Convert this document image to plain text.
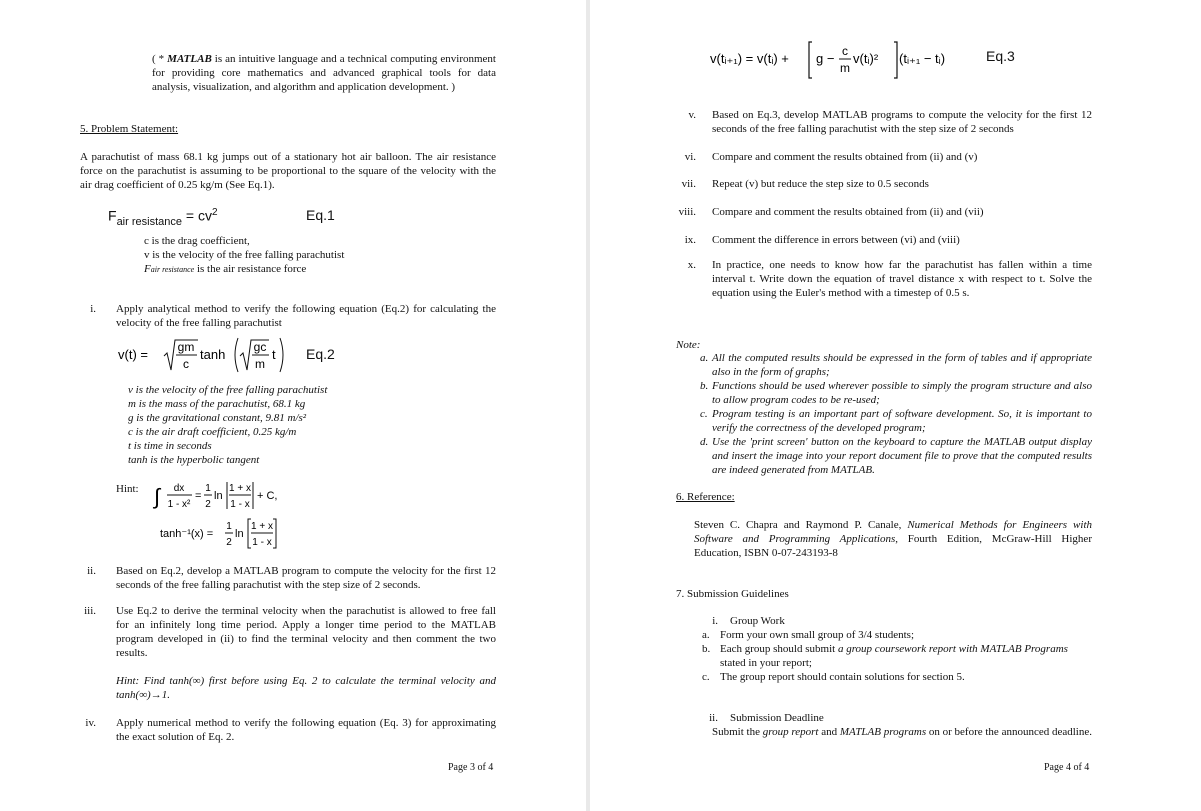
( * MATLAB is an intuitive language and a technical computing environment for providing core mathematics and advanced graphical tools for data analysis, visualization, and algorithm and application development. )
5. Problem Statement:
A parachutist of mass 68.1 kg jumps out of a stationary hot air balloon. The air resistance force on the parachutist is assuming to be proportional to the square of the velocity with the air drag coefficient of 0.25 kg/m (See Eq.1).
$F_{air resistance} = cv^2$	Eq.1
c is the drag coefficient,
v is the velocity of the free falling parachutist
Fair resistance is the air resistance force
i. Apply analytical method to verify the following equation (Eq.2) for calculating the velocity of the free falling parachutist
v(t) = gm
c
tanh gc
m
t Eq.2
v is the velocity of the free falling parachutist
m is the mass of the parachutist, 68.1 kg
g is the gravitational constant, 9.81 m/s²
c is the air draft coefficient, 0.25 kg/m
t is time in seconds
tanh is the hyperbolic tangent
Hint: ∫ dx
1 - x²
=
1
2
ln
1 + x
1 - x
+ C,
tanh⁻¹(x) =
1
2
ln
1 + x
1 - x
ii. Based on Eq.2, develop a MATLAB program to compute the velocity for the first 12 seconds of the free falling parachutist with the step size of 2 seconds.
iii. Use Eq.2 to derive the terminal velocity when the parachutist is allowed to free fall for an infinitely long time period. Apply a longer time period to the MATLAB program developed in (ii) to find the terminal velocity and then comment the two results.
Hint: Find tanh(∞) first before using Eq. 2 to calculate the terminal velocity and tanh(∞)→1.
iv. Apply numerical method to verify the following equation (Eq. 3) for approximating the exact solution of Eq. 2.
Page 3 of 4
v(tᵢ₊₁) = v(tᵢ) + g − c
m
v(tᵢ)² (tᵢ₊₁ − tᵢ)	Eq.3
v. Based on Eq.3, develop MATLAB programs to compute the velocity for the first 12 seconds of the free falling parachutist with the step size of 2 seconds
vi. Compare and comment the results obtained from (ii) and (v)
vii. Repeat (v) but reduce the step size to 0.5 seconds
viii. Compare and comment the results obtained from (ii) and (vii)
ix. Comment the difference in errors between (vi) and (viii)
x. In practice, one needs to know how far the parachutist has fallen within a time interval t. Write down the equation of travel distance x with respect to t. Solve the equation using the Euler's method with a timestep of 0.5 s.
Note:
a. All the computed results should be expressed in the form of tables and if appropriate also in the form of graphs;
b. Functions should be used wherever possible to simply the program structure and also to allow program codes to be re-used;
c. Program testing is an important part of software development. So, it is important to verify the correctness of the developed program;
d. Use the 'print screen' button on the keyboard to capture the MATLAB output display and insert the image into your report document file to prove that the computed results are indeed generated from MATLAB.
6. Reference:
Steven C. Chapra and Raymond P. Canale, Numerical Methods for Engineers with Software and Programming Applications, Fourth Edition, McGraw-Hill Higher Education, ISBN 0-07-243193-8
7. Submission Guidelines
i.	Group Work
a. Form your own small group of 3/4 students;
b. Each group should submit a group coursework report with MATLAB Programs stated in your report;
c. The group report should contain solutions for section 5.
ii.	Submission Deadline
Submit the group report and MATLAB programs on or before the announced deadline.
Page 4 of 4
